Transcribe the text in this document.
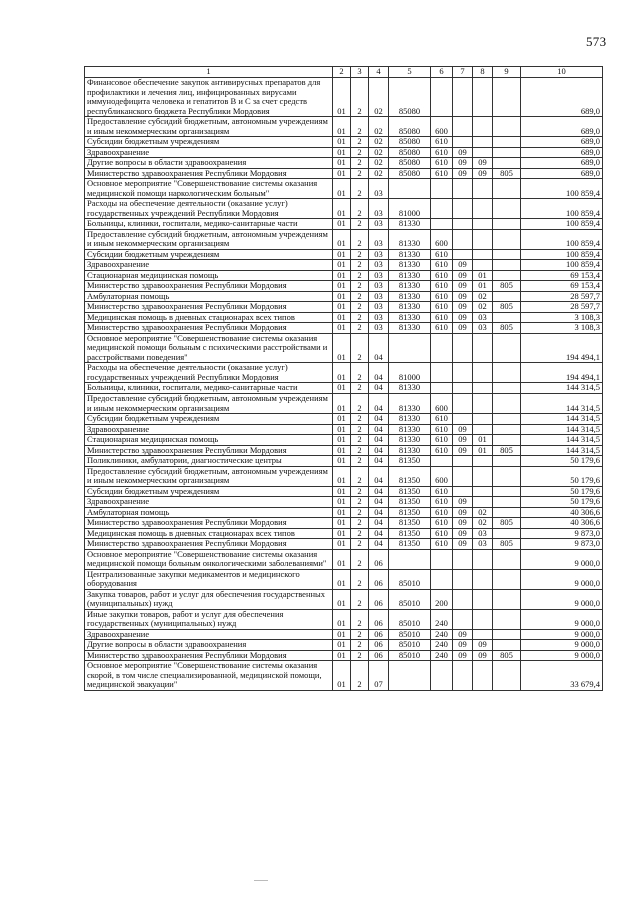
573
1	2	3	4	5	6	7	8	9	10
Финансовое обеспечение закупок антивирусных препаратов для профилактики и лечения лиц, инфицированных вирусами иммунодефицита человека и гепатитов В и С за счет средств республиканского бюджета Республики Мордовия	01	2	02	85080					689,0
Предоставление субсидий бюджетным, автономным учреждениям и иным некоммерческим организациям	01	2	02	85080	600				689,0
Субсидии бюджетным учреждениям	01	2	02	85080	610				689,0
Здравоохранение	01	2	02	85080	610	09			689,0
Другие вопросы в области здравоохранения	01	2	02	85080	610	09	09		689,0
Министерство здравоохранения Республики Мордовия	01	2	02	85080	610	09	09	805	689,0
Основное мероприятие "Совершенствование системы оказания медицинской помощи наркологическим больным"	01	2	03						100 859,4
Расходы на обеспечение деятельности (оказание услуг) государственных учреждений Республики Мордовия	01	2	03	81000					100 859,4
Больницы, клиники, госпитали, медико-санитарные части	01	2	03	81330					100 859,4
Предоставление субсидий бюджетным, автономным учреждениям и иным некоммерческим организациям	01	2	03	81330	600				100 859,4
Субсидии бюджетным учреждениям	01	2	03	81330	610				100 859,4
Здравоохранение	01	2	03	81330	610	09			100 859,4
Стационарная медицинская помощь	01	2	03	81330	610	09	01		69 153,4
Министерство здравоохранения Республики Мордовия	01	2	03	81330	610	09	01	805	69 153,4
Амбулаторная помощь	01	2	03	81330	610	09	02		28 597,7
Министерство здравоохранения Республики Мордовия	01	2	03	81330	610	09	02	805	28 597,7
Медицинская помощь в дневных стационарах всех типов	01	2	03	81330	610	09	03		3 108,3
Министерство здравоохранения Республики Мордовия	01	2	03	81330	610	09	03	805	3 108,3
Основное мероприятие "Совершенствование системы оказания медицинской помощи больным с психическими расстройствами и расстройствами поведения"	01	2	04						194 494,1
Расходы на обеспечение деятельности (оказание услуг) государственных учреждений Республики Мордовия	01	2	04	81000					194 494,1
Больницы, клиники, госпитали, медико-санитарные части	01	2	04	81330					144 314,5
Предоставление субсидий бюджетным, автономным учреждениям и иным некоммерческим организациям	01	2	04	81330	600				144 314,5
Субсидии бюджетным учреждениям	01	2	04	81330	610				144 314,5
Здравоохранение	01	2	04	81330	610	09			144 314,5
Стационарная медицинская помощь	01	2	04	81330	610	09	01		144 314,5
Министерство здравоохранения Республики Мордовия	01	2	04	81330	610	09	01	805	144 314,5
Поликлиники, амбулатории, диагностические центры	01	2	04	81350					50 179,6
Предоставление субсидий бюджетным, автономным учреждениям и иным некоммерческим организациям	01	2	04	81350	600				50 179,6
Субсидии бюджетным учреждениям	01	2	04	81350	610				50 179,6
Здравоохранение	01	2	04	81350	610	09			50 179,6
Амбулаторная помощь	01	2	04	81350	610	09	02		40 306,6
Министерство здравоохранения Республики Мордовия	01	2	04	81350	610	09	02	805	40 306,6
Медицинская помощь в дневных стационарах всех типов	01	2	04	81350	610	09	03		9 873,0
Министерство здравоохранения Республики Мордовия	01	2	04	81350	610	09	03	805	9 873,0
Основное мероприятие "Совершенствование системы оказания медицинской помощи больным онкологическими заболеваниями"	01	2	06						9 000,0
Централизованные закупки медикаментов и медицинского оборудования	01	2	06	85010					9 000,0
Закупка товаров, работ и услуг для обеспечения государственных (муниципальных) нужд	01	2	06	85010	200				9 000,0
Иные закупки товаров, работ и услуг для обеспечения государственных (муниципальных) нужд	01	2	06	85010	240				9 000,0
Здравоохранение	01	2	06	85010	240	09			9 000,0
Другие вопросы в области здравоохранения	01	2	06	85010	240	09	09		9 000,0
Министерство здравоохранения Республики Мордовия	01	2	06	85010	240	09	09	805	9 000,0
Основное мероприятие "Совершенствование системы оказания скорой, в том числе специализированной, медицинской помощи, медицинской эвакуации"	01	2	07						33 679,4
